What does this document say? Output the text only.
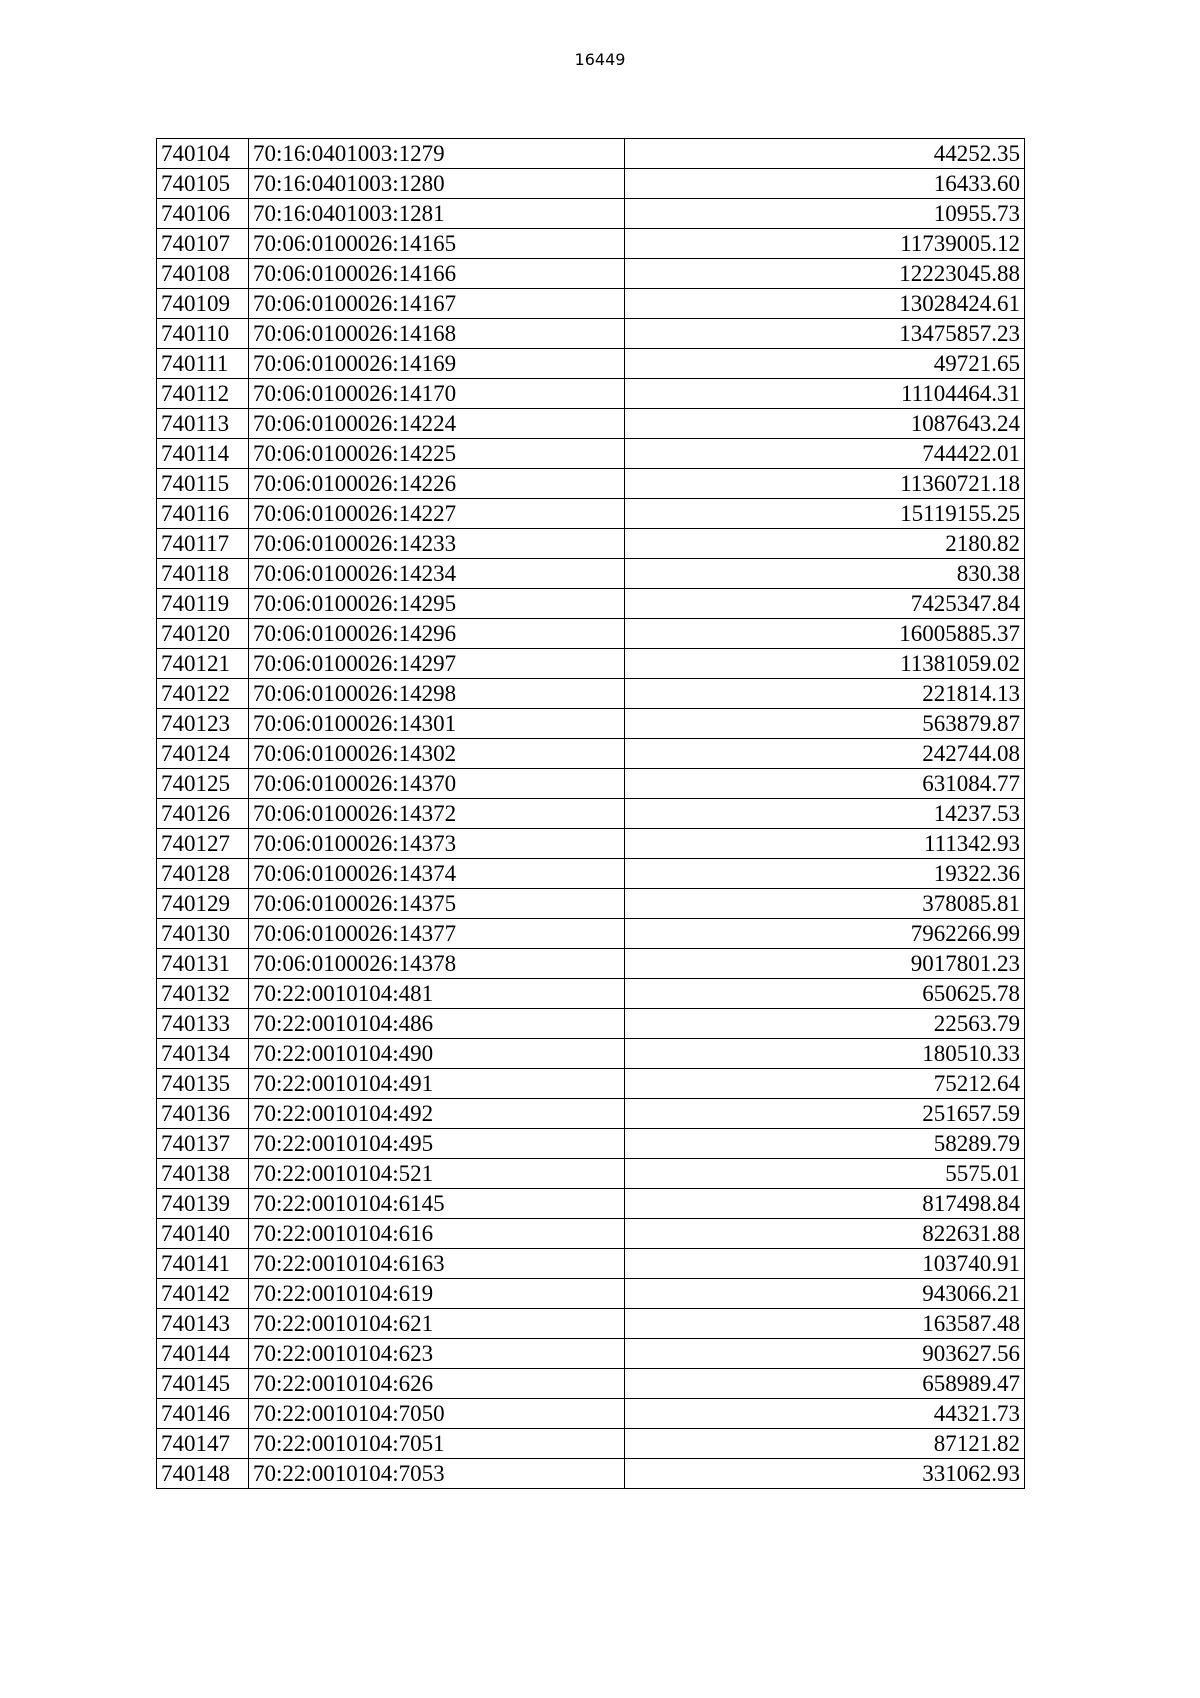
16449
740104	70:16:0401003:1279	44252.35
740105	70:16:0401003:1280	16433.60
740106	70:16:0401003:1281	10955.73
740107	70:06:0100026:14165	11739005.12
740108	70:06:0100026:14166	12223045.88
740109	70:06:0100026:14167	13028424.61
740110	70:06:0100026:14168	13475857.23
740111	70:06:0100026:14169	49721.65
740112	70:06:0100026:14170	11104464.31
740113	70:06:0100026:14224	1087643.24
740114	70:06:0100026:14225	744422.01
740115	70:06:0100026:14226	11360721.18
740116	70:06:0100026:14227	15119155.25
740117	70:06:0100026:14233	2180.82
740118	70:06:0100026:14234	830.38
740119	70:06:0100026:14295	7425347.84
740120	70:06:0100026:14296	16005885.37
740121	70:06:0100026:14297	11381059.02
740122	70:06:0100026:14298	221814.13
740123	70:06:0100026:14301	563879.87
740124	70:06:0100026:14302	242744.08
740125	70:06:0100026:14370	631084.77
740126	70:06:0100026:14372	14237.53
740127	70:06:0100026:14373	111342.93
740128	70:06:0100026:14374	19322.36
740129	70:06:0100026:14375	378085.81
740130	70:06:0100026:14377	7962266.99
740131	70:06:0100026:14378	9017801.23
740132	70:22:0010104:481	650625.78
740133	70:22:0010104:486	22563.79
740134	70:22:0010104:490	180510.33
740135	70:22:0010104:491	75212.64
740136	70:22:0010104:492	251657.59
740137	70:22:0010104:495	58289.79
740138	70:22:0010104:521	5575.01
740139	70:22:0010104:6145	817498.84
740140	70:22:0010104:616	822631.88
740141	70:22:0010104:6163	103740.91
740142	70:22:0010104:619	943066.21
740143	70:22:0010104:621	163587.48
740144	70:22:0010104:623	903627.56
740145	70:22:0010104:626	658989.47
740146	70:22:0010104:7050	44321.73
740147	70:22:0010104:7051	87121.82
740148	70:22:0010104:7053	331062.93
